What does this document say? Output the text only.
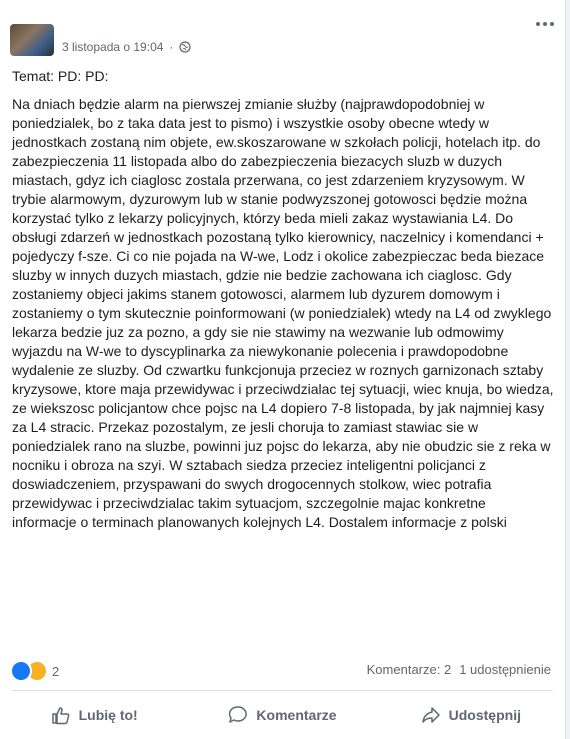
3 listopada o 19:04 ·
Temat: PD: PD:

Na dniach będzie alarm na pierwszej zmianie służby (najprawdopodobniej w poniedzialek, bo z taka data jest to pismo) i wszystkie osoby obecne wtedy w jednostkach zostaną nim objete, ew.skoszarowane w szkołach policji, hotelach itp. do zabezpieczenia 11 listopada albo do zabezpieczenia biezacych sluzb w duzych miastach, gdyz ich ciaglosc zostala przerwana, co jest zdarzeniem kryzysowym. W trybie alarmowym, dyzurowym lub w stanie podwyzszonej gotowosci będzie można korzystać tylko z lekarzy policyjnych, którzy beda mieli zakaz wystawiania L4. Do obsługi zdarzeń w jednostkach pozostaną tylko kierownicy, naczelnicy i komendanci + pojedyczy f-sze. Ci co nie pojada na W-we, Lodz i okolice zabezpieczac beda biezace sluzby w innych duzych miastach, gdzie nie bedzie zachowana ich ciaglosc. Gdy zostaniemy objeci jakims stanem gotowosci, alarmem lub dyzurem domowym i zostaniemy o tym skutecznie poinformowani (w poniedzialek) wtedy na L4 od zwyklego lekarza bedzie juz za pozno, a gdy sie nie stawimy na wezwanie lub odmowimy wyjazdu na W-we to dyscyplinarka za niewykonanie polecenia i prawdopodobne wydalenie ze sluzby. Od czwartku funkcjonuja przeciez w roznych garnizonach sztaby kryzysowe, ktore maja przewidywac i przeciwdzialac tej sytuacji, wiec knuja, bo wiedza, ze wiekszosc policjantow chce pojsc na L4 dopiero 7-8 listopada, by jak najmniej kasy za L4 stracic. Przekaz pozostalym, ze jesli choruja to zamiast stawiac sie w poniedzialek rano na sluzbe, powinni juz pojsc do lekarza, aby nie obudzic sie z reka w nocniku i obroza na szyi. W sztabach siedza przeciez inteligentni policjanci z doswiadczeniem, przyspawani do swych drogocennych stolkow, wiec potrafia przewidywac i przeciwdzialac takim sytuacjom, szczegolnie majac konkretne informacje o terminach planowanych kolejnych L4. Dostalem informacje z polski

2	Komentarze: 2 1 udostępnienie
Lubię to!	Komentarze	Udostępnij
